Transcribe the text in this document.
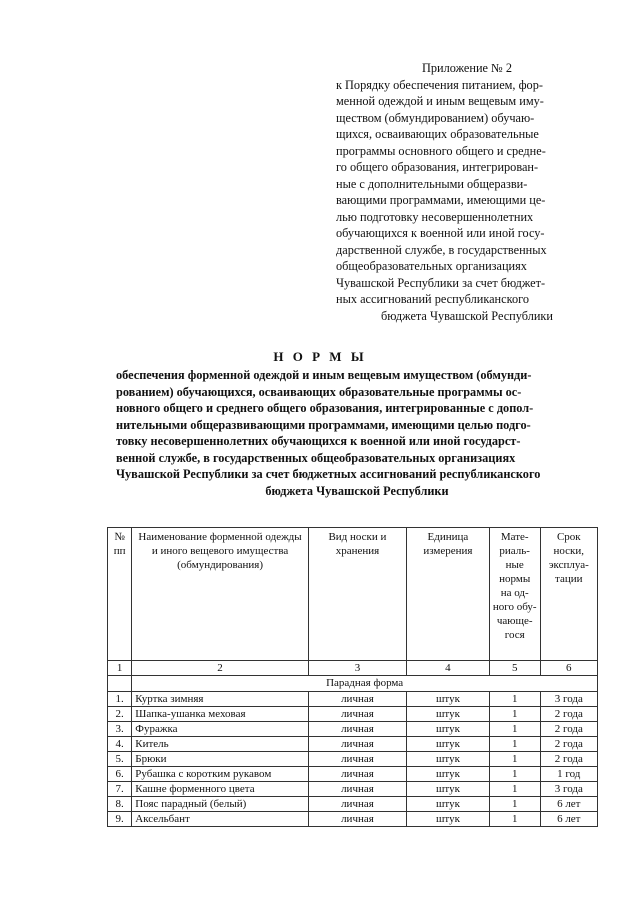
Приложение № 2
к Порядку обеспечения питанием, фор-
менной одеждой и иным вещевым иму-
ществом (обмундированием) обучаю-
щихся, осваивающих образовательные
программы основного общего и средне-
го общего образования, интегрирован-
ные с дополнительными общеразви-
вающими программами, имеющими це-
лью подготовку несовершеннолетних
обучающихся к военной или иной госу-
дарственной службе, в государственных
общеобразовательных организациях
Чувашской Республики за счет бюджет-
ных ассигнований республиканского
бюджета Чувашской Республики
Н О Р М Ы
обеспечения форменной одеждой и иным вещевым имуществом (обмунди-
рованием) обучающихся, осваивающих образовательные программы ос-
новного общего и среднего общего образования, интегрированные с допол-
нительными общеразвивающими программами, имеющими целью подго-
товку несовершеннолетних обучающихся к военной или иной государст-
венной службе, в государственных общеобразовательных организациях
Чувашской Республики за счет бюджетных ассигнований республиканского
бюджета Чувашской Республики
№ пп	Наименование форменной одежды и иного вещевого имущества (обмундирования)	Вид носки и хранения	Единица измерения	Мате-риаль-ные нормы на од-ного обу-чающе-гося	Срок носки, эксплуа-тации
1	2	3	4	5	6
	Парадная форма				
1.	Куртка зимняя	личная	штук	1	3 года
2.	Шапка-ушанка меховая	личная	штук	1	2 года
3.	Фуражка	личная	штук	1	2 года
4.	Китель	личная	штук	1	2 года
5.	Брюки	личная	штук	1	2 года
6.	Рубашка с коротким рукавом	личная	штук	1	1 год
7.	Кашне форменного цвета	личная	штук	1	3 года
8.	Пояс парадный (белый)	личная	штук	1	6 лет
9.	Аксельбант	личная	штук	1	6 лет
